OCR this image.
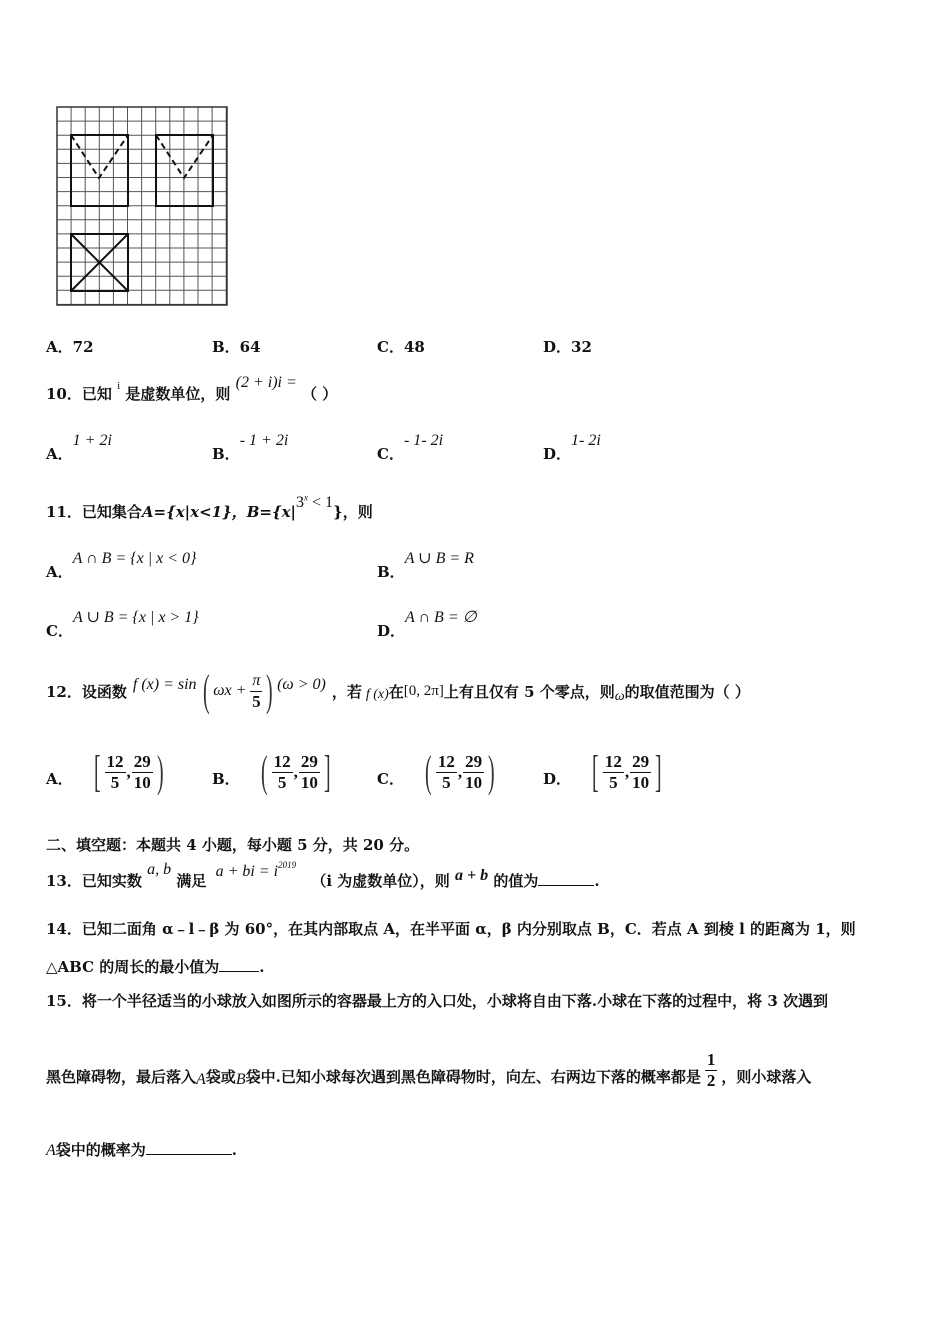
A．72	B．64	C．48	D．32
10．已知 $^i$ 是虚数单位，则 (2 + i)i = （ ）
A．1 + 2i
B．- 1 + 2i
C．- 1- 2i
D．1- 2i
11．已知集合A={x|x<1}，$B=\{x|3^x < 1\}$，则
A．A ∩ B = {x | x < 0}
B．A ∪ B = R
C．A ∪ B = {x | x > 1}
D．A ∩ B = ∅
12．设函数 f (x) = sin ( $\omega x + \frac{\pi}{5}$ ) (ω > 0) ，若 f (x) 在 [0, 2π] 上有且仅有 5 个零点，则 ω 的取值范围为（ ）
A． [ $\frac{12}{5}$ , $\frac{29}{10}$ )	B． ( $\frac{12}{5}$ , $\frac{29}{10}$ ]	C． ( $\frac{12}{5}$ , $\frac{29}{10}$ )	D． [ $\frac{12}{5}$ , $\frac{29}{10}$ ]
二、填空题：本题共 4 小题，每小题 5 分，共 20 分。
13．已知实数 a, b 满足 a + bi = $i^{2019}$ （i 为虚数单位），则 a + b 的值为	.
14．已知二面角 α﹣l﹣β 为 60°，在其内部取点 A，在半平面 α，β 内分别取点 B，C．若点 A 到棱 l 的距离为 1，则
△ABC 的周长的最小值为	.
15．将一个半径适当的小球放入如图所示的容器最上方的入口处，小球将自由下落.小球在下落的过程中，将 3 次遇到
黑色障碍物，最后落入 A 袋或 B 袋中.已知小球每次遇到黑色障碍物时，向左、右两边下落的概率都是 $\frac{1}{2}$ ，则小球落入
A袋中的概率为	.
